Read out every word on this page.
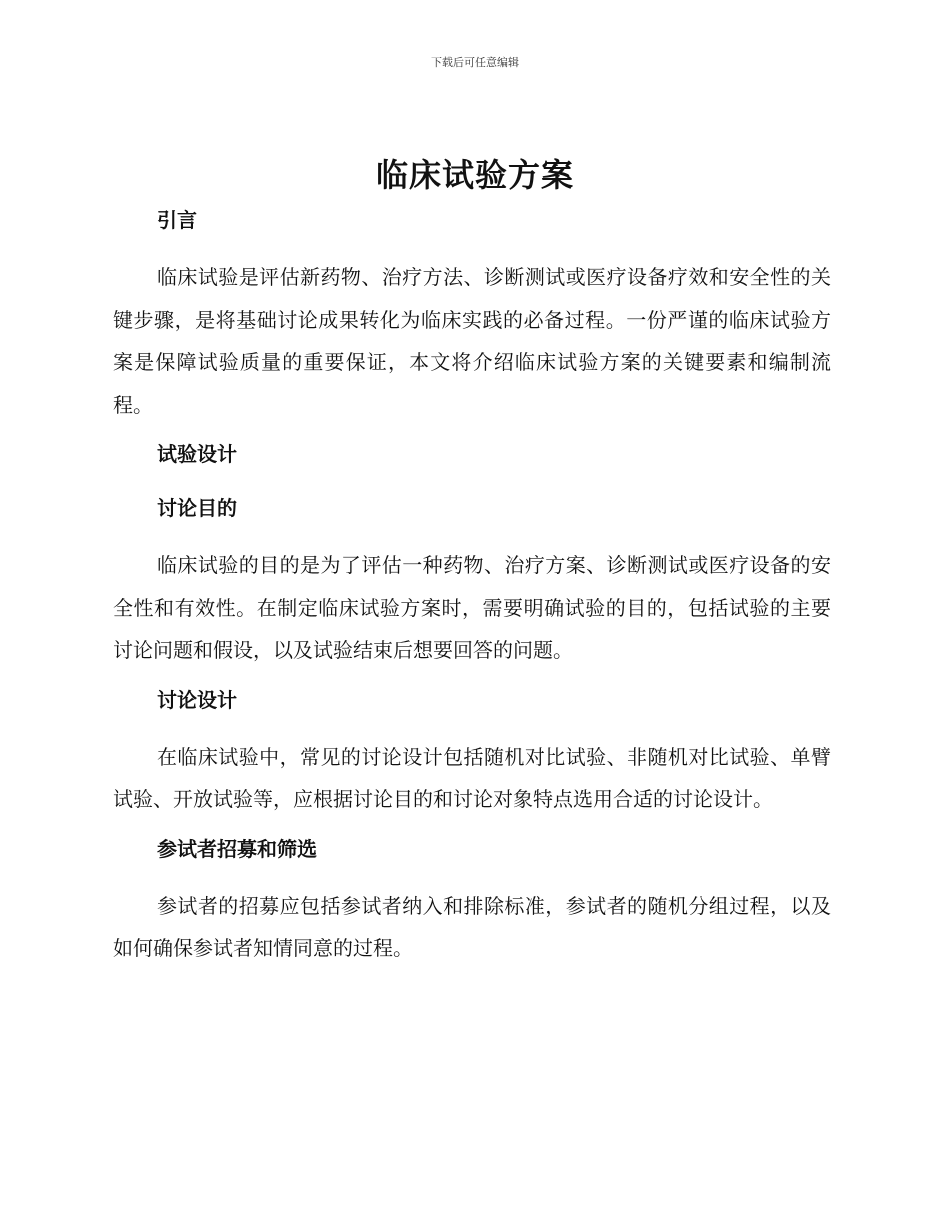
下载后可任意编辑
临床试验方案
引言

临床试验是评估新药物、治疗方法、诊断测试或医疗设备疗效和安全性的关键步骤，是将基础讨论成果转化为临床实践的必备过程。一份严谨的临床试验方案是保障试验质量的重要保证，本文将介绍临床试验方案的关键要素和编制流程。

试验设计
讨论目的

临床试验的目的是为了评估一种药物、治疗方案、诊断测试或医疗设备的安全性和有效性。在制定临床试验方案时，需要明确试验的目的，包括试验的主要讨论问题和假设，以及试验结束后想要回答的问题。

讨论设计

在临床试验中，常见的讨论设计包括随机对比试验、非随机对比试验、单臂试验、开放试验等，应根据讨论目的和讨论对象特点选用合适的讨论设计。

参试者招募和筛选

参试者的招募应包括参试者纳入和排除标准，参试者的随机分组过程，以及如何确保参试者知情同意的过程。
